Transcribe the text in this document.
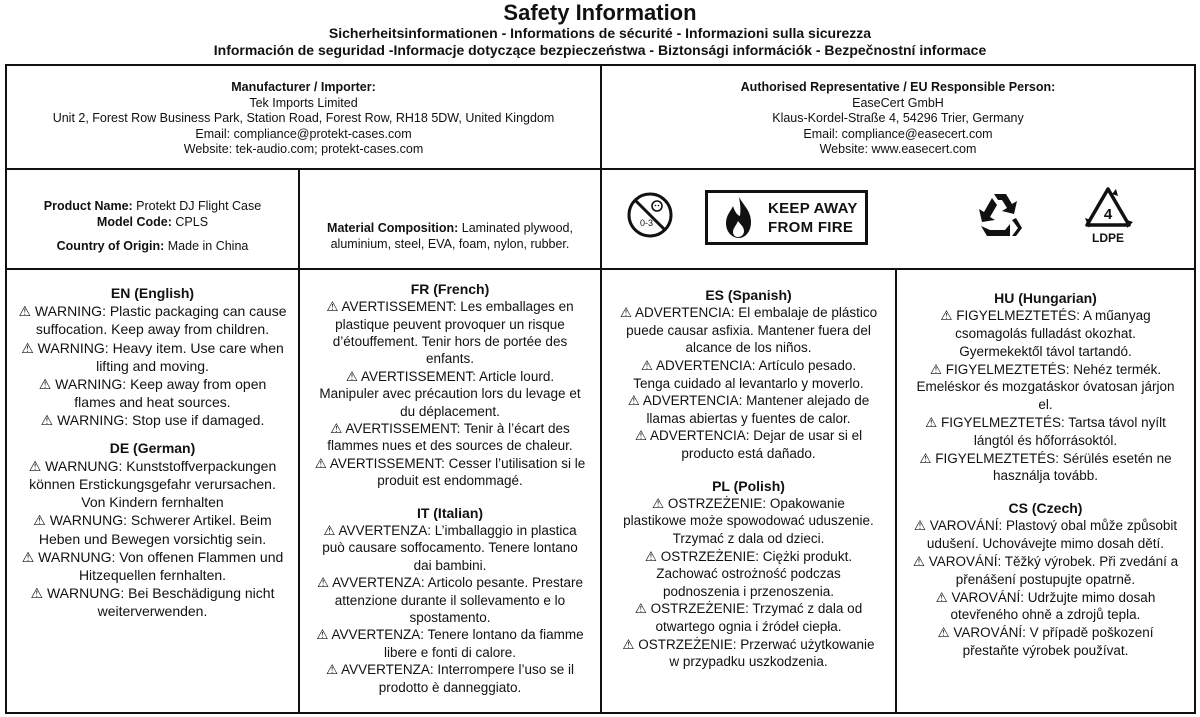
Safety Information
Sicherheitsinformationen - Informations de sécurité - Informazioni sulla sicurezza
Información de seguridad -Informacje dotyczące bezpieczeństwa - Biztonsági információk - Bezpečnostní informace
Manufacturer / Importer:
Tek Imports Limited
Unit 2, Forest Row Business Park, Station Road, Forest Row, RH18 5DW, United Kingdom
Email: compliance@protekt-cases.com
Website: tek-audio.com; protekt-cases.com
Authorised Representative / EU Responsible Person:
EaseCert GmbH
Klaus-Kordel-Straße 4, 54296 Trier, Germany
Email: compliance@easecert.com
Website: www.easecert.com
Product Name: Protekt DJ Flight Case
Model Code: CPLS
Country of Origin: Made in China
Material Composition: Laminated plywood,
aluminium, steel, EVA, foam, nylon, rubber.
0-3
KEEP AWAY
FROM FIRE
4
LDPE
EN (English)

⚠ WARNING: Plastic packaging can cause

suffocation. Keep away from children.

⚠ WARNING: Heavy item. Use care when

lifting and moving.

⚠ WARNING: Keep away from open

flames and heat sources.

⚠ WARNING: Stop use if damaged.

DE (German)

⚠ WARNUNG: Kunststoffverpackungen

können Erstickungsgefahr verursachen.

Von Kindern fernhalten

⚠ WARNUNG: Schwerer Artikel. Beim

Heben und Bewegen vorsichtig sein.

⚠ WARNUNG: Von offenen Flammen und

Hitzequellen fernhalten.

⚠ WARNUNG: Bei Beschädigung nicht

weiterverwenden.

FR (French)

⚠ AVERTISSEMENT: Les emballages en

plastique peuvent provoquer un risque

d’étouffement. Tenir hors de portée des

enfants.

⚠ AVERTISSEMENT: Article lourd.

Manipuler avec précaution lors du levage et

du déplacement.

⚠ AVERTISSEMENT: Tenir à l’écart des

flammes nues et des sources de chaleur.

⚠ AVERTISSEMENT: Cesser l’utilisation si le

produit est endommagé.

IT (Italian)

⚠ AVVERTENZA: L’imballaggio in plastica

può causare soffocamento. Tenere lontano

dai bambini.

⚠ AVVERTENZA: Articolo pesante. Prestare

attenzione durante il sollevamento e lo

spostamento.

⚠ AVVERTENZA: Tenere lontano da fiamme

libere e fonti di calore.

⚠ AVVERTENZA: Interrompere l’uso se il

prodotto è danneggiato.

ES (Spanish)

⚠ ADVERTENCIA: El embalaje de plástico

puede causar asfixia. Mantener fuera del

alcance de los niños.

⚠ ADVERTENCIA: Artículo pesado.

Tenga cuidado al levantarlo y moverlo.

⚠ ADVERTENCIA: Mantener alejado de

llamas abiertas y fuentes de calor.

⚠ ADVERTENCIA: Dejar de usar si el

producto está dañado.

PL (Polish)

⚠ OSTRZEŻENIE: Opakowanie

plastikowe może spowodować uduszenie.

Trzymać z dala od dzieci.

⚠ OSTRZEŻENIE: Ciężki produkt.

Zachować ostrożność podczas

podnoszenia i przenoszenia.

⚠ OSTRZEŻENIE: Trzymać z dala od

otwartego ognia i źródeł ciepła.

⚠ OSTRZEŻENIE: Przerwać użytkowanie

w przypadku uszkodzenia.

HU (Hungarian)

⚠ FIGYELMEZTETÉS: A műanyag

csomagolás fulladást okozhat.

Gyermekektől távol tartandó.

⚠ FIGYELMEZTETÉS: Nehéz termék.

Emeléskor és mozgatáskor óvatosan járjon

el.

⚠ FIGYELMEZTETÉS: Tartsa távol nyílt

lángtól és hőforrásoktól.

⚠ FIGYELMEZTETÉS: Sérülés esetén ne

használja tovább.

CS (Czech)

⚠ VAROVÁNÍ: Plastový obal může způsobit

udušení. Uchovávejte mimo dosah dětí.

⚠ VAROVÁNÍ: Těžký výrobek. Při zvedání a

přenášení postupujte opatrně.

⚠ VAROVÁNÍ: Udržujte mimo dosah

otevřeného ohně a zdrojů tepla.

⚠ VAROVÁNÍ: V případě poškození

přestaňte výrobek používat.
